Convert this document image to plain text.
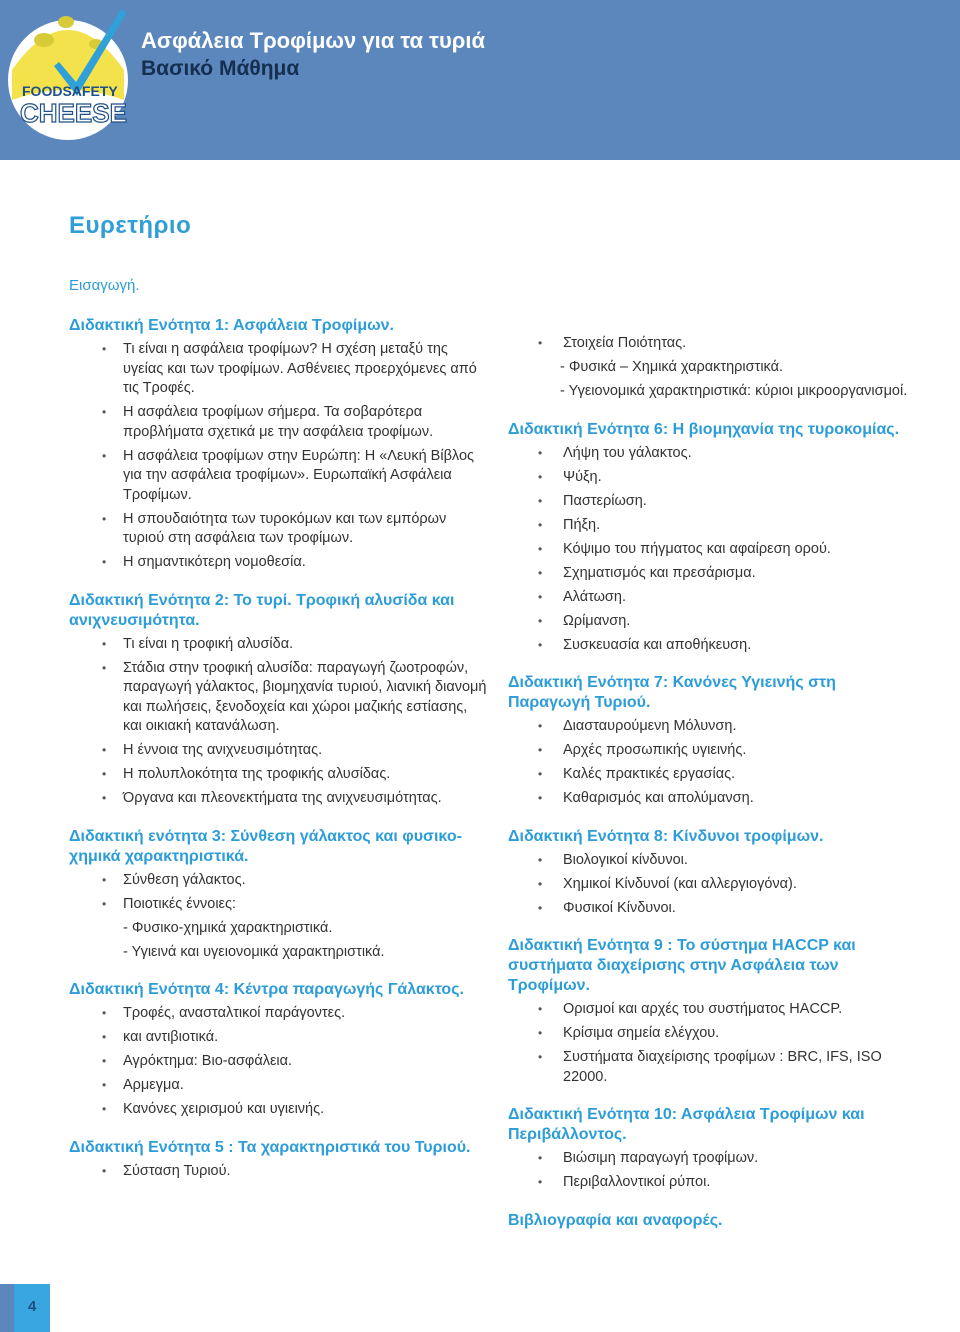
FOODSAFETY
CHEESE
Ασφάλεια Τροφίμων για τα τυριά
Βασικό Μάθημα
Ευρετήριο

Εισαγωγή.

Διδακτική Ενότητα 1: Ασφάλεια Τροφίμων.
• Τι είναι η ασφάλεια τροφίμων? Η σχέση μεταξύ της υγείας και των τροφίμων. Ασθένειες προερχόμενες από τις Τροφές.
• Η ασφάλεια τροφίμων σήμερα. Τα σοβαρότερα προβλήματα σχετικά με την ασφάλεια τροφίμων.
• Η ασφάλεια τροφίμων στην Ευρώπη: Η «Λευκή Βίβλος για την ασφάλεια τροφίμων». Ευρωπαϊκή Ασφάλεια Τροφίμων.
• Η σπουδαιότητα των τυροκόμων και των εμπόρων τυριού στη ασφάλεια των τροφίμων.
• Η σημαντικότερη νομοθεσία.
Διδακτική Ενότητα 2: Το τυρί. Τροφική αλυσίδα και ανιχνευσιμότητα.
• Τι είναι η τροφική αλυσίδα.
• Στάδια στην τροφική αλυσίδα: παραγωγή ζωοτροφών, παραγωγή γάλακτος, βιομηχανία τυριού, λιανική διανομή και πωλήσεις, ξενοδοχεία και χώροι μαζικής εστίασης, και οικιακή κατανάλωση.
• Η έννοια της ανιχνευσιμότητας.
• Η πολυπλοκότητα της τροφικής αλυσίδας.
• Όργανα και πλεονεκτήματα της ανιχνευσιμότητας.
Διδακτική ενότητα 3: Σύνθεση γάλακτος και φυσικο-χημικά χαρακτηριστικά.
• Σύνθεση γάλακτος.
• Ποιοτικές έννοιες:
- Φυσικο-χημικά χαρακτηριστικά.
- Υγιεινά και υγειονομικά χαρακτηριστικά.
Διδακτική Ενότητα 4: Κέντρα παραγωγής Γάλακτος.
• Τροφές, ανασταλτικοί παράγοντες.
• και αντιβιοτικά.
• Αγρόκτημα: Βιο-ασφάλεια.
• Αρμεγμα.
• Κανόνες χειρισμού και υγιεινής.
Διδακτική Ενότητα 5 : Τα χαρακτηριστικά του Τυριού.
• Σύσταση Τυριού.
• Στοιχεία Ποιότητας.
- Φυσικά – Χημικά χαρακτηριστικά.
- Υγειονομικά χαρακτηριστικά: κύριοι μικροοργανισμοί.
Διδακτική Ενότητα 6: Η βιομηχανία της τυροκομίας.
• Λήψη του γάλακτος.
• Ψύξη.
• Παστερίωση.
• Πήξη.
• Κόψιμο του πήγματος και αφαίρεση ορού.
• Σχηματισμός και πρεσάρισμα.
• Αλάτωση.
• Ωρίμανση.
• Συσκευασία και αποθήκευση.
Διδακτική Ενότητα 7: Κανόνες Υγιεινής στη Παραγωγή Τυριού.
• Διασταυρούμενη Μόλυνση.
• Αρχές προσωπικής υγιεινής.
• Καλές πρακτικές εργασίας.
• Καθαρισμός και απολύμανση.
Διδακτική Ενότητα 8: Κίνδυνοι τροφίμων.
• Βιολογικοί κίνδυνοι.
• Χημικοί Κίνδυνοί (και αλλεργιογόνα).
• Φυσικοί Κίνδυνοι.
Διδακτική Ενότητα 9 : Το σύστημα HACCP και συστήματα διαχείρισης στην Ασφάλεια των Τροφίμων.
• Ορισμοί και αρχές του συστήματος HACCP.
• Κρίσιμα σημεία ελέγχου.
• Συστήματα διαχείρισης τροφίμων : BRC, IFS, ISO 22000.
Διδακτική Ενότητα 10: Ασφάλεια Τροφίμων και Περιβάλλοντος.
• Βιώσιμη παραγωγή τροφίμων.
• Περιβαλλοντικοί ρύποι.
Βιβλιογραφία και αναφορές.
4
